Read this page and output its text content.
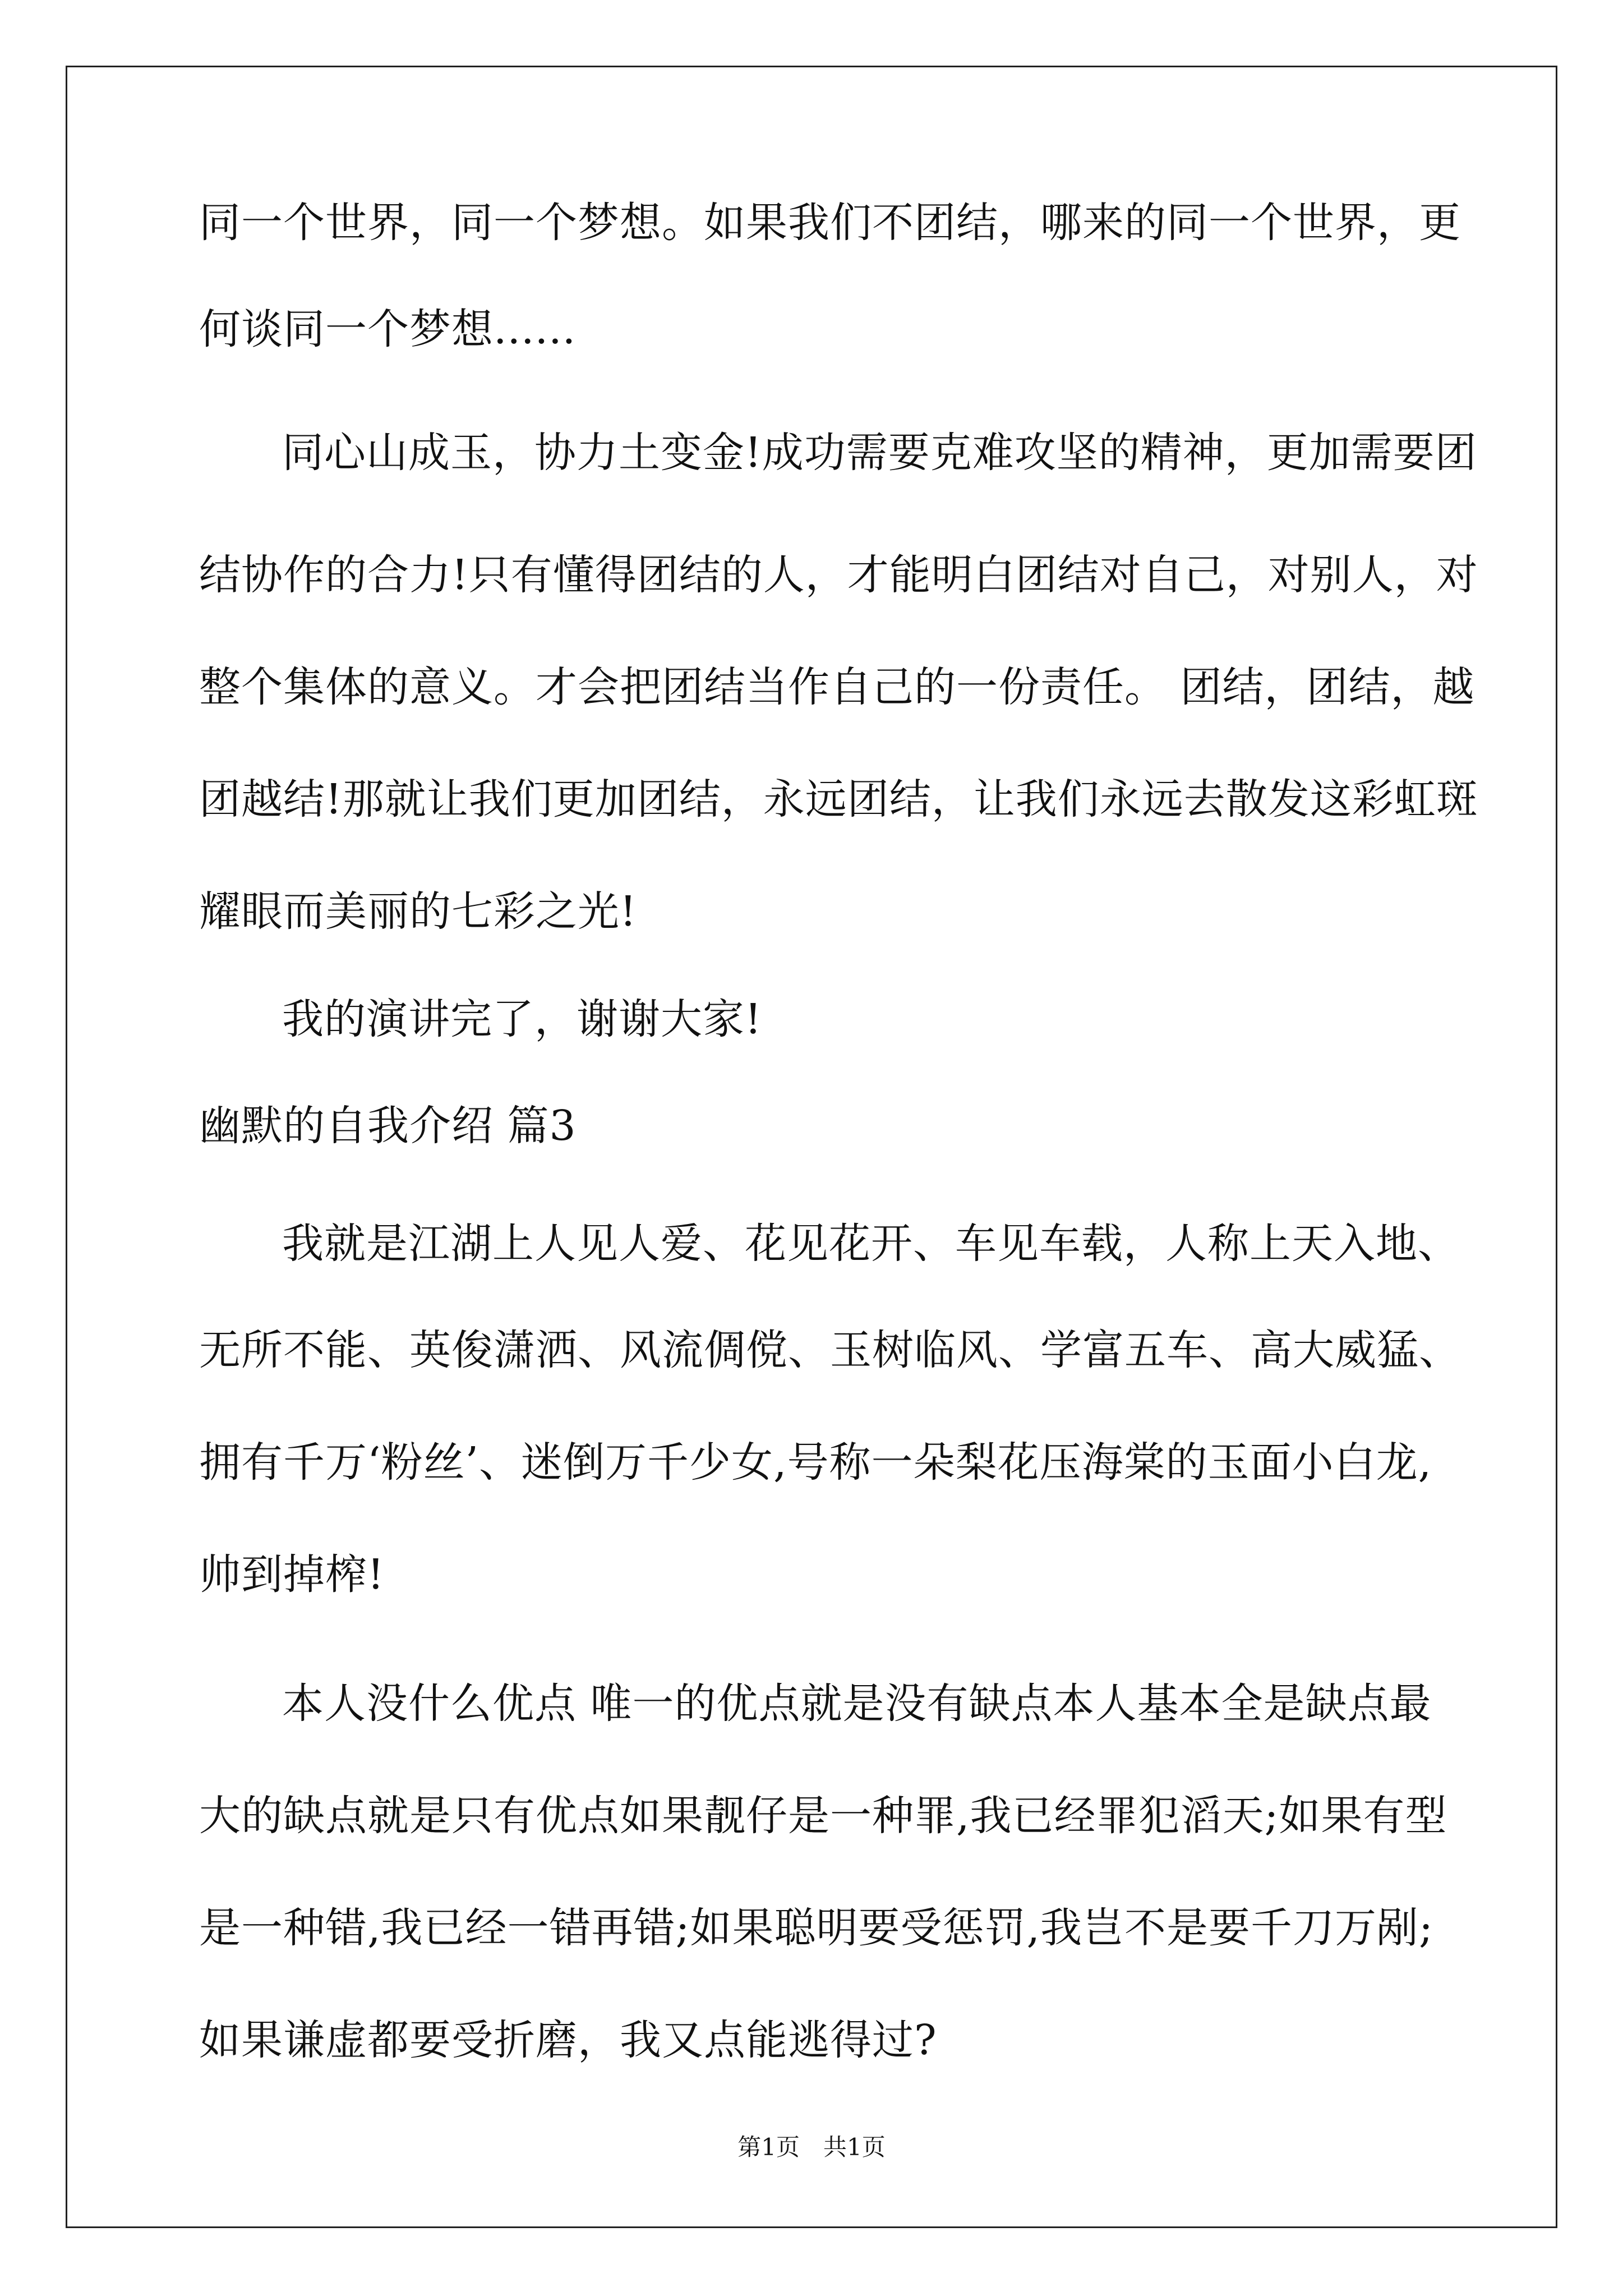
同一个世界，同一个梦想。如果我们不团结，哪来的同一个世界，更
何谈同一个梦想......
同心山成玉，协力土变金!成功需要克难攻坚的精神，更加需要团
结协作的合力!只有懂得团结的人，才能明白团结对自己，对别人，对
整个集体的意义。才会把团结当作自己的一份责任。 团结，团结，越
团越结!那就让我们更加团结，永远团结，让我们永远去散发这彩虹斑
耀眼而美丽的七彩之光!
我的演讲完了，谢谢大家!
幽默的自我介绍 篇3
我就是江湖上人见人爱、花见花开、车见车载，人称上天入地、
无所不能、英俊潇洒、风流倜傥、玉树临风、学富五车、高大威猛、
拥有千万‘粉丝’、迷倒万千少女,号称一朵梨花压海棠的玉面小白龙,
帅到掉榨!
本人没什么优点 唯一的优点就是没有缺点本人基本全是缺点最
大的缺点就是只有优点如果靓仔是一种罪,我已经罪犯滔天;如果有型
是一种错,我已经一错再错;如果聪明要受惩罚,我岂不是要千刀万剐;
如果谦虚都要受折磨，我又点能逃得过?
第1页　共1页
